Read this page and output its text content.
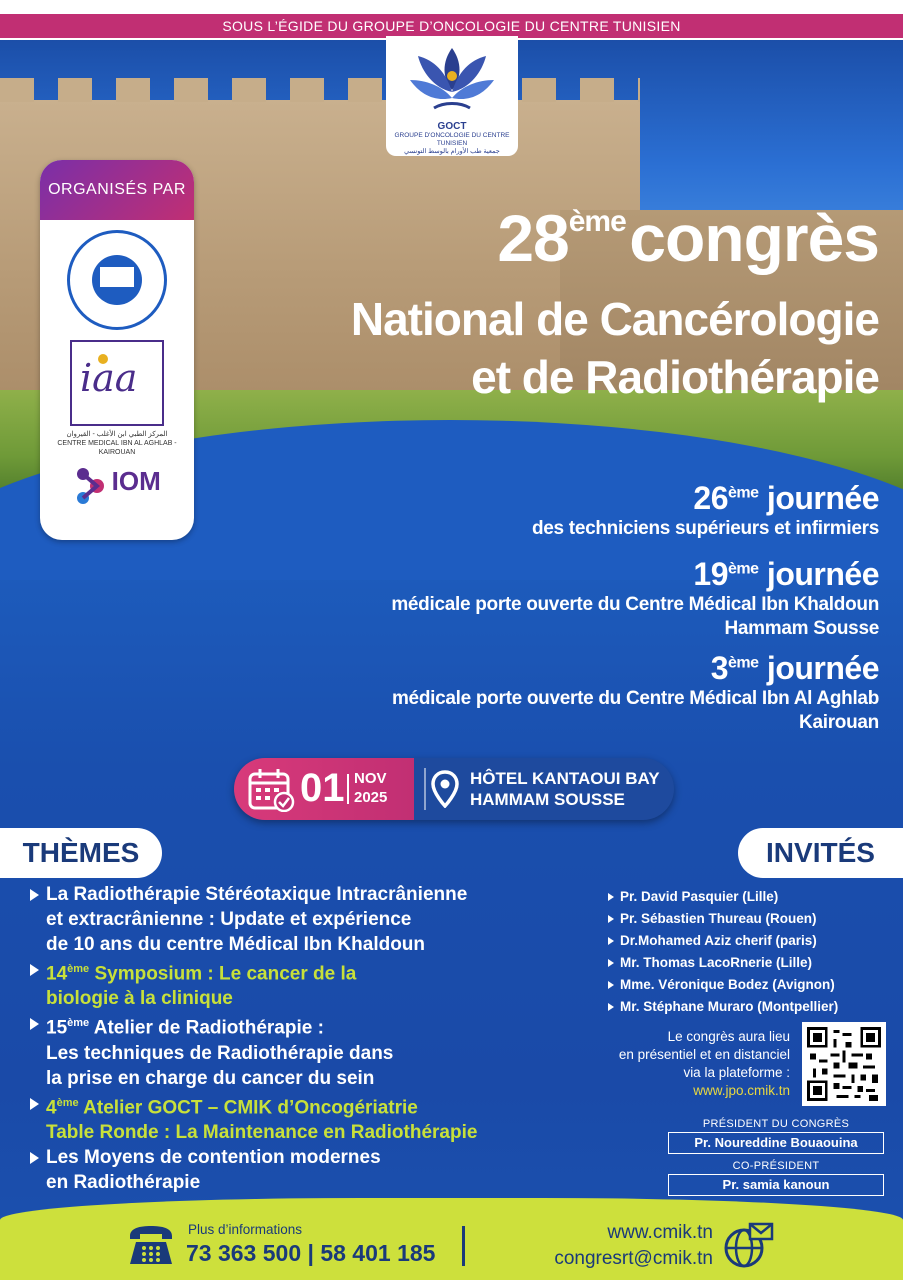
SOUS L’ÉGIDE DU GROUPE D’ONCOLOGIE DU CENTRE TUNISIEN
GOCT
GROUPE D'ONCOLOGIE DU CENTRE TUNISIEN
جمعية طب الأورام بالوسط التونسي
ORGANISÉS PAR
iaa
المركز الطبي ابن الأغلب - القيروان
CENTRE MEDICAL IBN AL AGHLAB - KAIROUAN
IOM
28ème congrès
National de Cancérologie
et de Radiothérapie
26ème journée
des techniciens supérieurs et infirmiers
19ème journée
médicale porte ouverte du Centre Médical Ibn Khaldoun
Hammam Sousse
3ème journée
médicale porte ouverte du Centre Médical Ibn Al Aghlab
Kairouan
01 NOV
2025
HÔTEL KANTAOUI BAY
HAMMAM SOUSSE
THÈMES	INVITÉS
La Radiothérapie Stéréotaxique Intracrânienne
et extracrânienne : Update et expérience
de 10 ans du centre Médical Ibn Khaldoun
14ème Symposium : Le cancer de la
biologie à la clinique
15ème Atelier de Radiothérapie :
Les techniques de Radiothérapie dans
la prise en charge du cancer du sein
4ème Atelier GOCT – CMIK d’Oncogériatrie
Table Ronde : La Maintenance en Radiothérapie
Les Moyens de contention modernes
en Radiothérapie
Pr. David Pasquier (Lille)
Pr. Sébastien Thureau (Rouen)
Dr.Mohamed Aziz cherif (paris)
Mr. Thomas LacoRnerie (Lille)
Mme. Véronique Bodez (Avignon)
Mr. Stéphane Muraro (Montpellier)
Le congrès aura lieu
en présentiel et en distanciel
via la plateforme :
www.jpo.cmik.tn
PRÉSIDENT DU CONGRÈS
Pr. Noureddine Bouaouina
CO-PRÉSIDENT
Pr. samia kanoun
Plus d’informations
73 363 500 | 58 401 185
www.cmik.tn
congresrt@cmik.tn
